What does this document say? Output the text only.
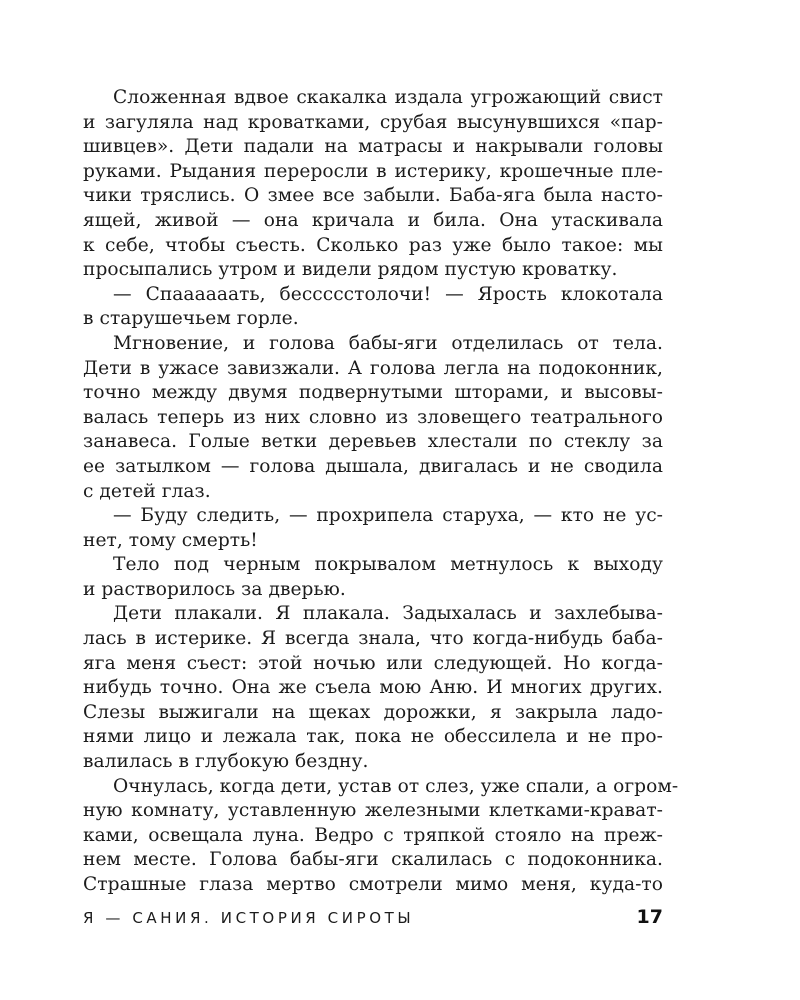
Сложенная вдвое скакалка издала угрожающий свист
и загуляла над кроватками, срубая высунувшихся «пар-
шивцев». Дети падали на матрасы и накрывали головы
руками. Рыдания переросли в истерику, крошечные пле-
чики тряслись. О змее все забыли. Баба-яга была насто-
ящей, живой — она кричала и била. Она утаскивала
к себе, чтобы съесть. Сколько раз уже было такое: мы
просыпались утром и видели рядом пустую кроватку.
— Спаааааать, бессссстолочи! — Ярость клокотала
в старушечьем горле.
Мгновение, и голова бабы-яги отделилась от тела.
Дети в ужасе завизжали. А голова легла на подоконник,
точно между двумя подвернутыми шторами, и высовы-
валась теперь из них словно из зловещего театрального
занавеса. Голые ветки деревьев хлестали по стеклу за
ее затылком — голова дышала, двигалась и не сводила
с детей глаз.
— Буду следить, — прохрипела старуха, — кто не ус-
нет, тому смерть!
Тело под черным покрывалом метнулось к выходу
и растворилось за дверью.
Дети плакали. Я плакала. Задыхалась и захлебыва-
лась в истерике. Я всегда знала, что когда-нибудь баба-
яга меня съест: этой ночью или следующей. Но когда-
нибудь точно. Она же съела мою Аню. И многих других.
Слезы выжигали на щеках дорожки, я закрыла ладо-
нями лицо и лежала так, пока не обессилела и не про-
валилась в глубокую бездну.
Очнулась, когда дети, устав от слез, уже спали, а огром-
ную комнату, уставленную железными клетками-крават-
ками, освещала луна. Ведро с тряпкой стояло на преж-
нем месте. Голова бабы-яги скалилась с подоконника.
Страшные глаза мертво смотрели мимо меня, куда-то
Я — САНИЯ. ИСТОРИЯ СИРОТЫ	17
